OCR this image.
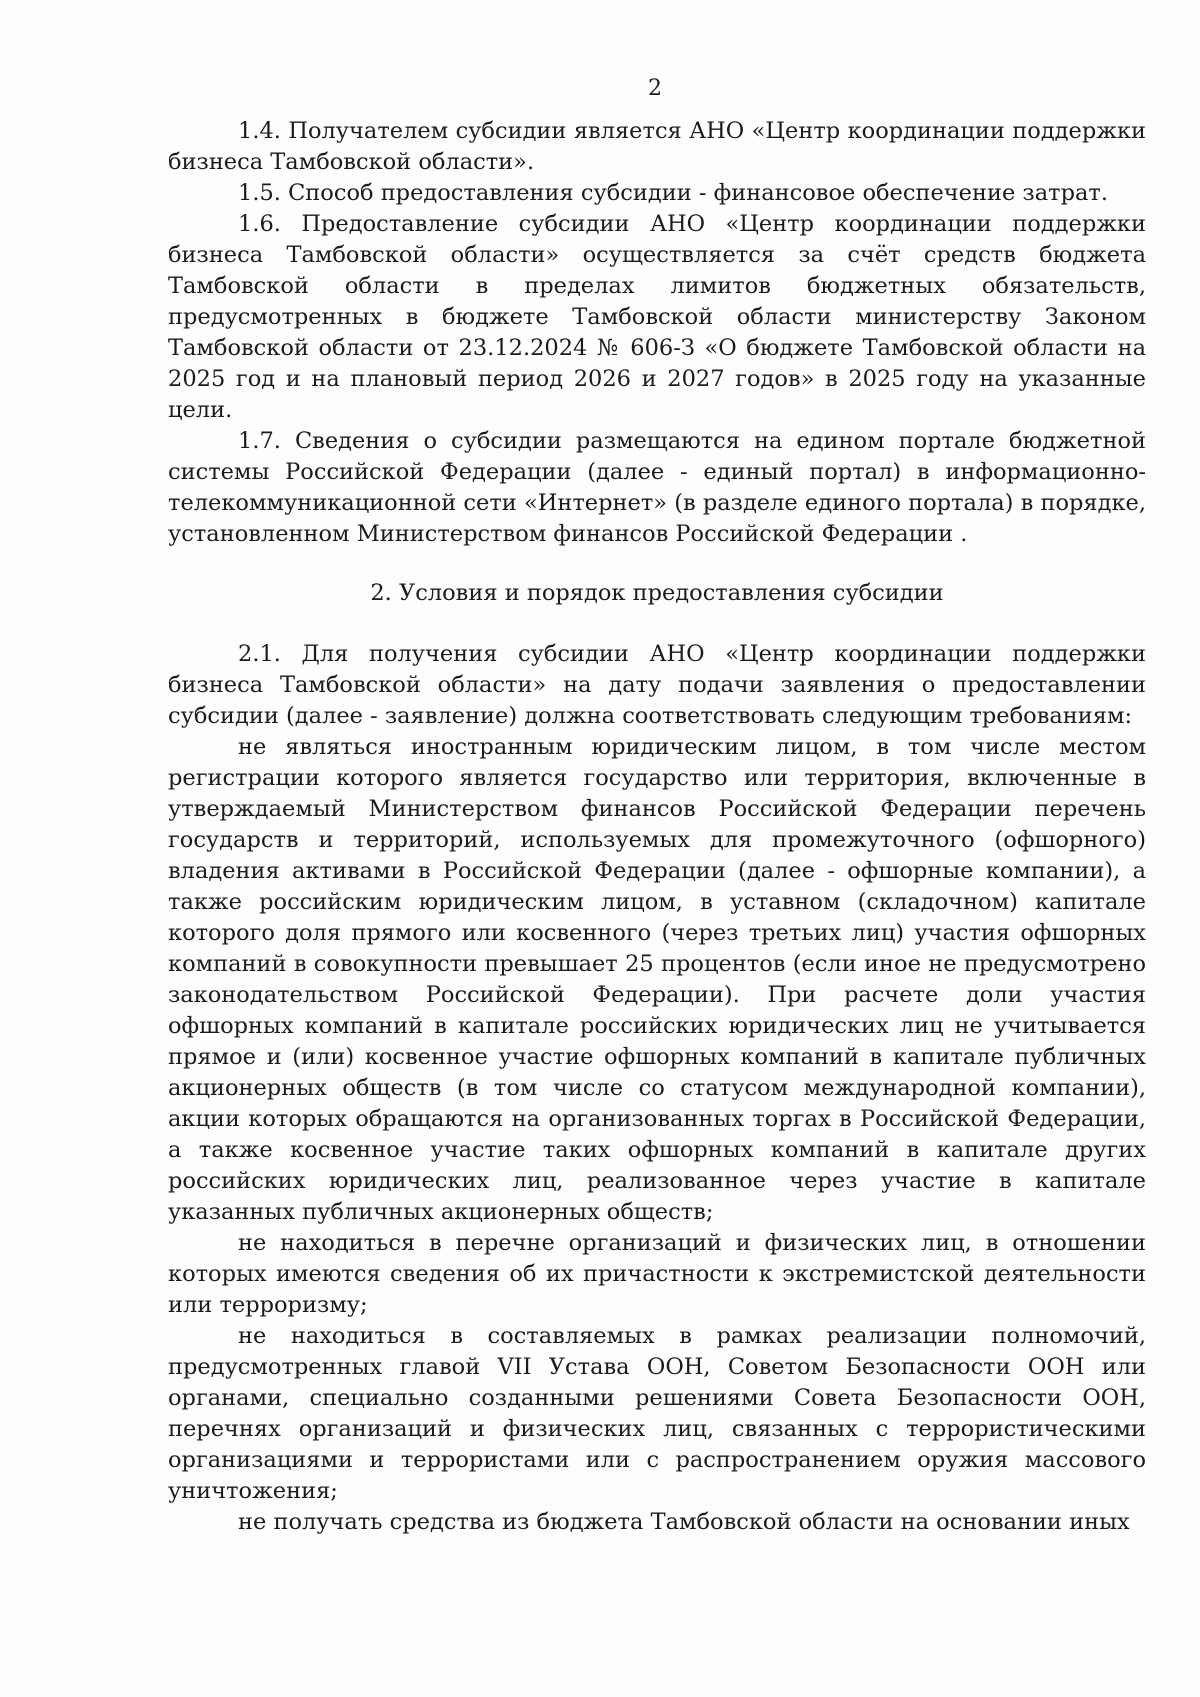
2

1.4. Получателем субсидии является АНО «Центр координации поддержки бизнеса Тамбовской области».

1.5. Способ предоставления субсидии - финансовое обеспечение затрат.

1.6. Предоставление субсидии АНО «Центр координации поддержки бизнеса Тамбовской области» осуществляется за счёт средств бюджета Тамбовской области в пределах лимитов бюджетных обязательств, предусмотренных в бюджете Тамбовской области министерству Законом Тамбовской области от 23.12.2024 № 606-З «О бюджете Тамбовской области на 2025 год и на плановый период 2026 и 2027 годов» в 2025 году на указанные цели.

1.7. Сведения о субсидии размещаются на едином портале бюджетной системы Российской Федерации (далее - единый портал) в информационно-телекоммуникационной сети «Интернет» (в разделе единого портала) в порядке, установленном Министерством финансов Российской Федерации .

2. Условия и порядок предоставления субсидии

2.1. Для получения субсидии АНО «Центр координации поддержки бизнеса Тамбовской области» на дату подачи заявления о предоставлении субсидии (далее - заявление) должна соответствовать следующим требованиям:

не являться иностранным юридическим лицом, в том числе местом регистрации которого является государство или территория, включенные в утверждаемый Министерством финансов Российской Федерации перечень государств и территорий, используемых для промежуточного (офшорного) владения активами в Российской Федерации (далее - офшорные компании), а также российским юридическим лицом, в уставном (складочном) капитале которого доля прямого или косвенного (через третьих лиц) участия офшорных компаний в совокупности превышает 25 процентов (если иное не предусмотрено законодательством Российской Федерации). При расчете доли участия офшорных компаний в капитале российских юридических лиц не учитывается прямое и (или) косвенное участие офшорных компаний в капитале публичных акционерных обществ (в том числе со статусом международной компании), акции которых обращаются на организованных торгах в Российской Федерации, а также косвенное участие таких офшорных компаний в капитале других российских юридических лиц, реализованное через участие в капитале указанных публичных акционерных обществ;

не находиться в перечне организаций и физических лиц, в отношении которых имеются сведения об их причастности к экстремистской деятельности или терроризму;

не находиться в составляемых в рамках реализации полномочий, предусмотренных главой VII Устава ООН, Советом Безопасности ООН или органами, специально созданными решениями Совета Безопасности ООН, перечнях организаций и физических лиц, связанных с террористическими организациями и террористами или с распространением оружия массового уничтожения;

не получать средства из бюджета Тамбовской области на основании иных
